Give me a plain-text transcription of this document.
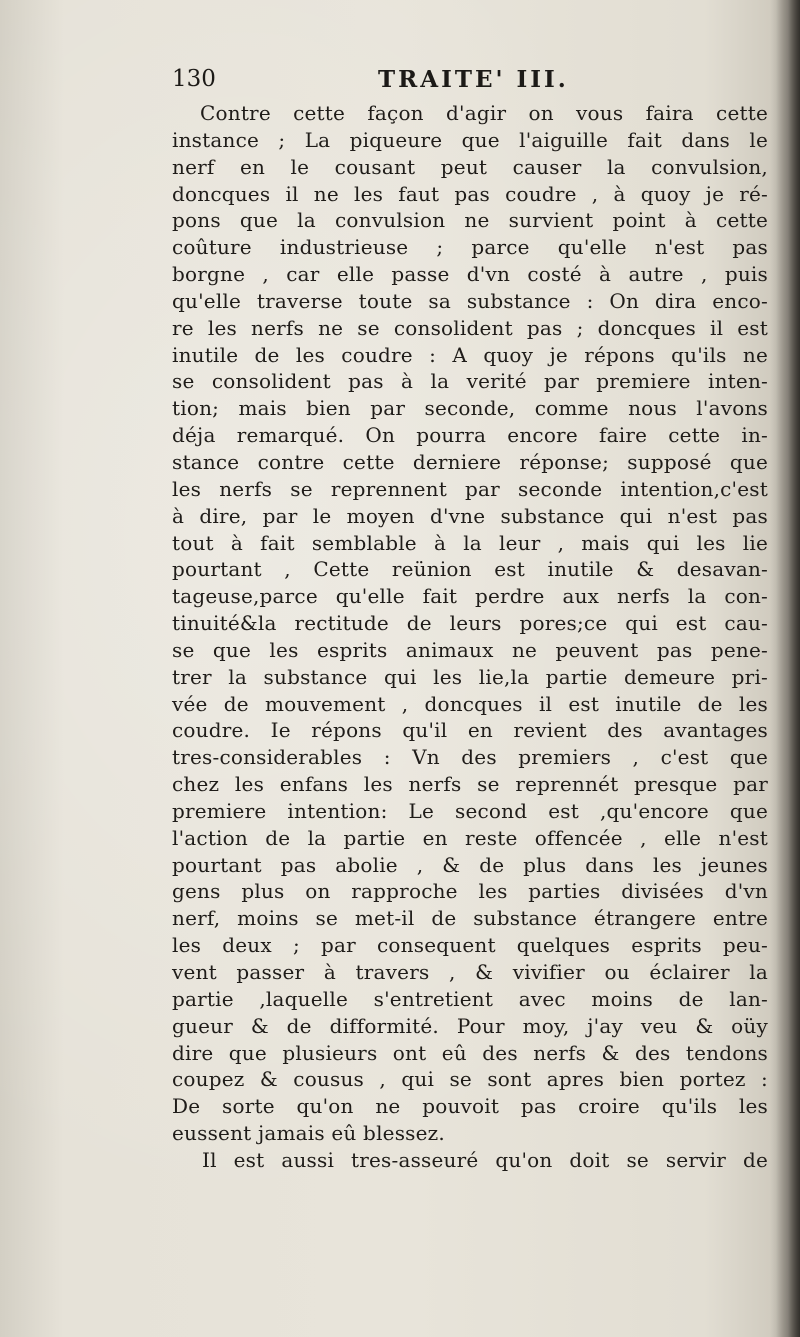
130	TRAITE' III.
Contre cette façon d'agir on vous faira cette
instance ; La piqueure que l'aiguille fait dans le
nerf en le cousant peut causer la convulsion,
doncques il ne les faut pas coudre , à quoy je ré-
pons que la convulsion ne survient point à cette
coûture industrieuse ; parce qu'elle n'est pas
borgne , car elle passe d'vn costé à autre , puis
qu'elle traverse toute sa substance : On dira enco-
re les nerfs ne se consolident pas ; doncques il est
inutile de les coudre : A quoy je répons qu'ils ne
se consolident pas à la verité par premiere inten-
tion; mais bien par seconde, comme nous l'avons
déja remarqué. On pourra encore faire cette in-
stance contre cette derniere réponse; supposé que
les nerfs se reprennent par seconde intention,c'est
à dire, par le moyen d'vne substance qui n'est pas
tout à fait semblable à la leur , mais qui les lie
pourtant , Cette reünion est inutile & desavan-
tageuse,parce qu'elle fait perdre aux nerfs la con-
tinuité&la rectitude de leurs pores;ce qui est cau-
se que les esprits animaux ne peuvent pas pene-
trer la substance qui les lie,la partie demeure pri-
vée de mouvement , doncques il est inutile de les
coudre. Ie répons qu'il en revient des avantages
tres-considerables : Vn des premiers , c'est que
chez les enfans les nerfs se reprennét presque par
premiere intention: Le second est ,qu'encore que
l'action de la partie en reste offencée , elle n'est
pourtant pas abolie , & de plus dans les jeunes
gens plus on rapproche les parties divisées d'vn
nerf, moins se met-il de substance étrangere entre
les deux ; par consequent quelques esprits peu-
vent passer à travers , & vivifier ou éclairer la
partie ,laquelle s'entretient avec moins de lan-
gueur & de difformité. Pour moy, j'ay veu & oüy
dire que plusieurs ont eû des nerfs & des tendons
coupez & cousus , qui se sont apres bien portez :
De sorte qu'on ne pouvoit pas croire qu'ils les
eussent jamais eû blessez.
Il est aussi tres-asseuré qu'on doit se servir de
